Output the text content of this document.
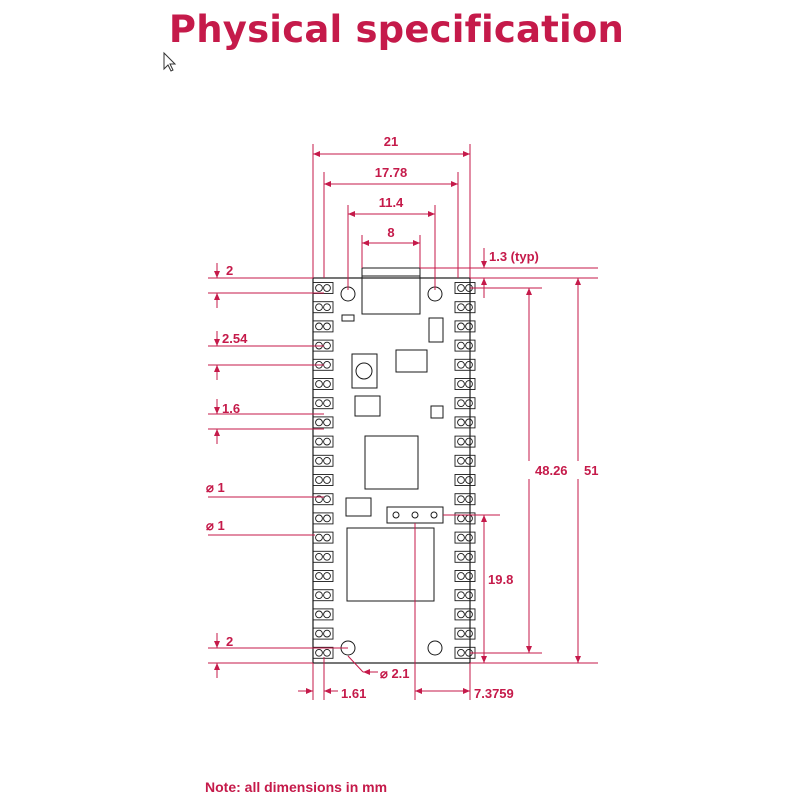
Physical specification
21
17.78
11.4
8
1.3 (typ)
2
2.54
1.6
⌀ 1
⌀ 1
2
⌀ 2.1
1.61	7.3759
48.26 51
19.8
Note: all dimensions in mm
